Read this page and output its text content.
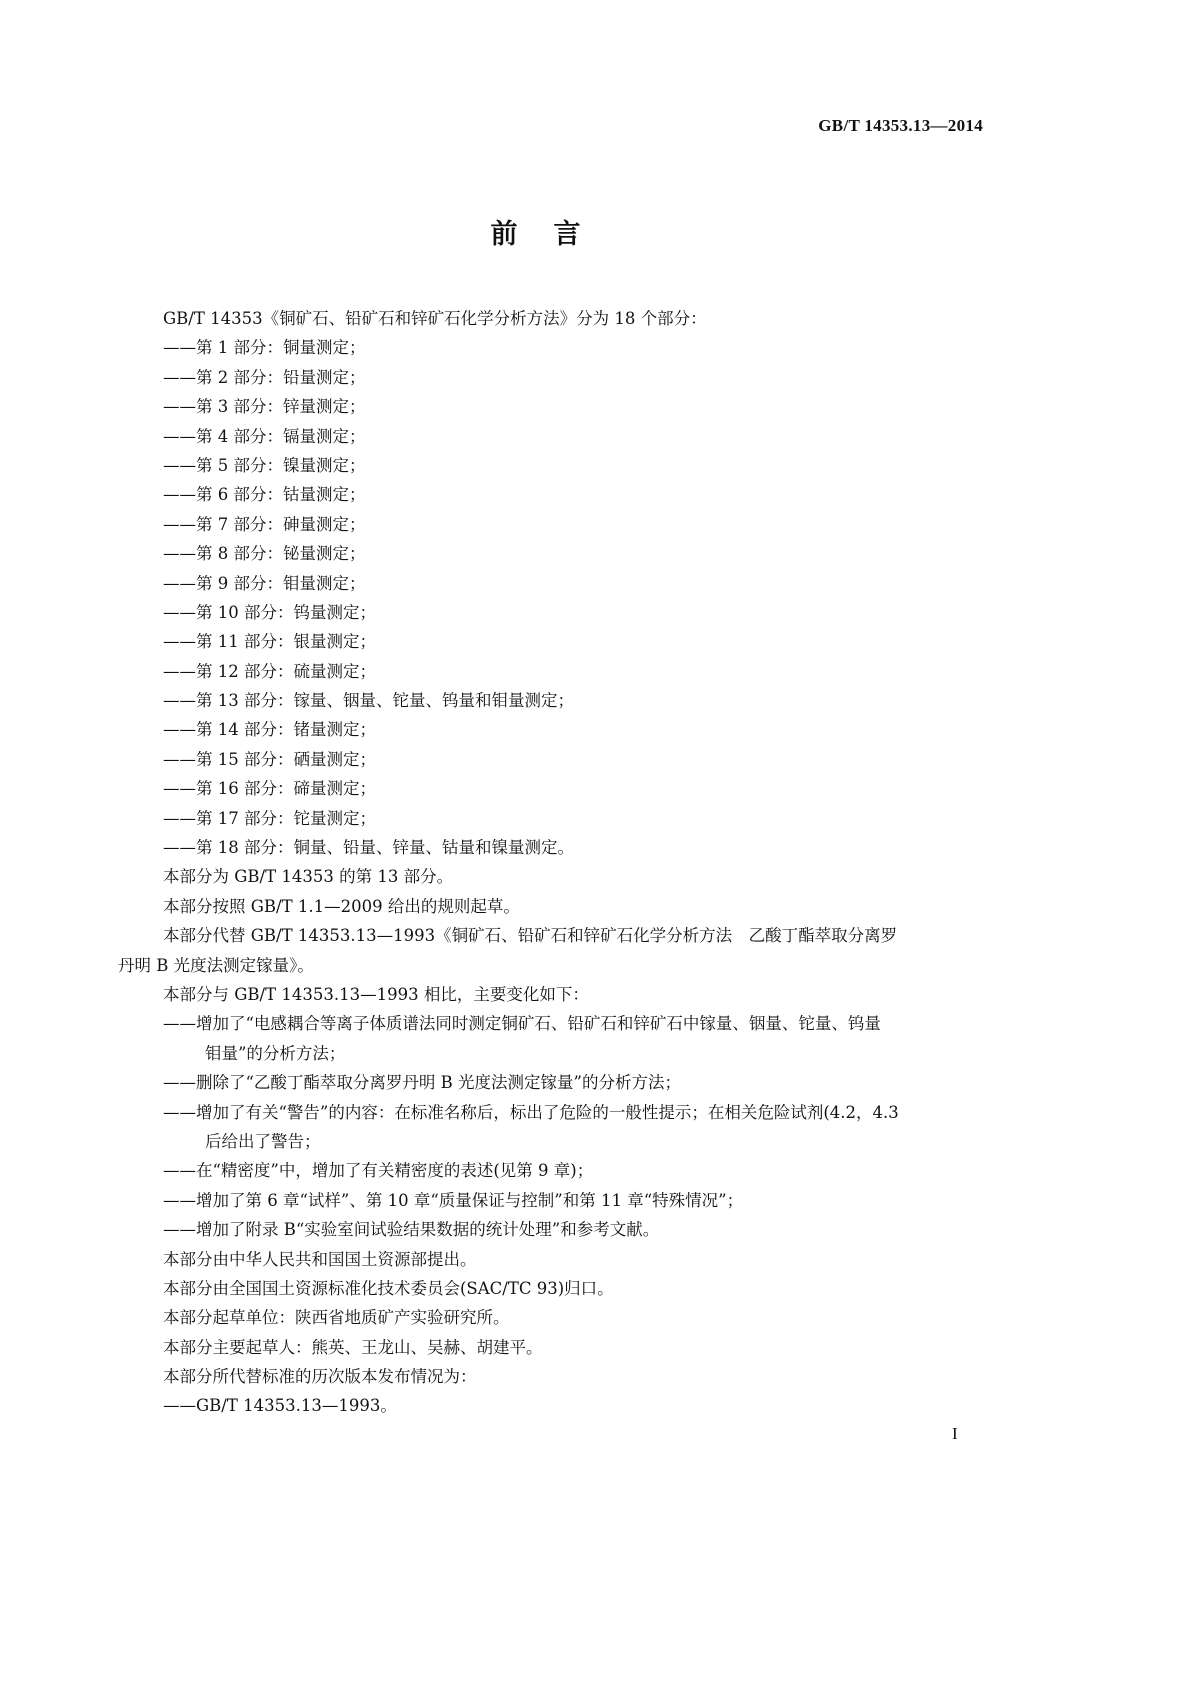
GB/T 14353.13—2014
前言
GB/T 14353《铜矿石、铅矿石和锌矿石化学分析方法》分为 18 个部分：
——第 1 部分：铜量测定；
——第 2 部分：铅量测定；
——第 3 部分：锌量测定；
——第 4 部分：镉量测定；
——第 5 部分：镍量测定；
——第 6 部分：钴量测定；
——第 7 部分：砷量测定；
——第 8 部分：铋量测定；
——第 9 部分：钼量测定；
——第 10 部分：钨量测定；
——第 11 部分：银量测定；
——第 12 部分：硫量测定；
——第 13 部分：镓量、铟量、铊量、钨量和钼量测定；
——第 14 部分：锗量测定；
——第 15 部分：硒量测定；
——第 16 部分：碲量测定；
——第 17 部分：铊量测定；
——第 18 部分：铜量、铅量、锌量、钴量和镍量测定。
本部分为 GB/T 14353 的第 13 部分。
本部分按照 GB/T 1.1—2009 给出的规则起草。
本部分代替 GB/T 14353.13—1993《铜矿石、铅矿石和锌矿石化学分析方法　乙酸丁酯萃取分离罗
丹明 B 光度法测定镓量》。
本部分与 GB/T 14353.13—1993 相比，主要变化如下：
——增加了“电感耦合等离子体质谱法同时测定铜矿石、铅矿石和锌矿石中镓量、铟量、铊量、钨量
钼量”的分析方法；
——删除了“乙酸丁酯萃取分离罗丹明 B 光度法测定镓量”的分析方法；
——增加了有关“警告”的内容：在标准名称后，标出了危险的一般性提示；在相关危险试剂(4.2，4.3
后给出了警告；
——在“精密度”中，增加了有关精密度的表述(见第 9 章)；
——增加了第 6 章“试样”、第 10 章“质量保证与控制”和第 11 章“特殊情况”；
——增加了附录 B“实验室间试验结果数据的统计处理”和参考文献。
本部分由中华人民共和国国土资源部提出。
本部分由全国国土资源标准化技术委员会(SAC/TC 93)归口。
本部分起草单位：陕西省地质矿产实验研究所。
本部分主要起草人：熊英、王龙山、吴赫、胡建平。
本部分所代替标准的历次版本发布情况为：
——GB/T 14353.13—1993。
I
